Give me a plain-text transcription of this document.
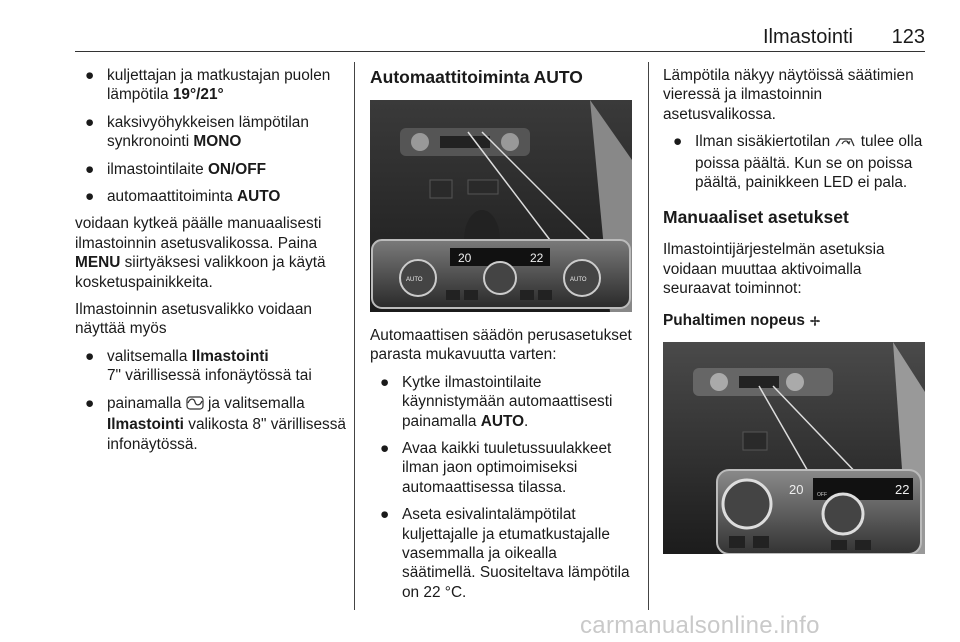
Ilmastointi 123
● kuljettajan ja matkustajan puolen lämpötila 19°/21°
● kaksivyöhykkeisen lämpötilan synkronointi MONO
● ilmastointilaite ON/OFF
● automaattitoiminta AUTO
voidaan kytkeä päälle manuaalisesti ilmastoinnin asetusvalikossa. Paina MENU siirtyäksesi valikkoon ja käytä kosketuspainikkeita.
Ilmastoinnin asetusvalikko voidaan näyttää myös
● valitsemalla Ilmastointi
7" värillisessä infonäytössä tai
● painamalla  ja valitsemalla
Ilmastointi valikosta 8" värillisessä infonäytössä.
Automaattitoiminta AUTO
20	22
AUTO	AUTO
Automaattisen säädön perusasetukset parasta mukavuutta varten:
● Kytke ilmastointilaite käynnistymään automaattisesti painamalla AUTO.
● Avaa kaikki tuuletussuulakkeet ilman jaon optimoimiseksi automaattisessa tilassa.
● Aseta esivalintalämpötilat kuljettajalle ja etumatkustajalle vasemmalla ja oikealla säätimellä. Suositeltava lämpötila on 22 °C.
Lämpötila näkyy näytöissä säätimien vieressä ja ilmastoinnin asetusvalikossa.
● Ilman sisäkiertotilan  tulee olla poissa päältä. Kun se on poissa päältä, painikkeen LED ei pala.
Manuaaliset asetukset
Ilmastointijärjestelmän asetuksia voidaan muuttaa aktivoimalla seuraavat toiminnot:
Puhaltimen nopeus
20	22
OFF
carmanualsonline.info
